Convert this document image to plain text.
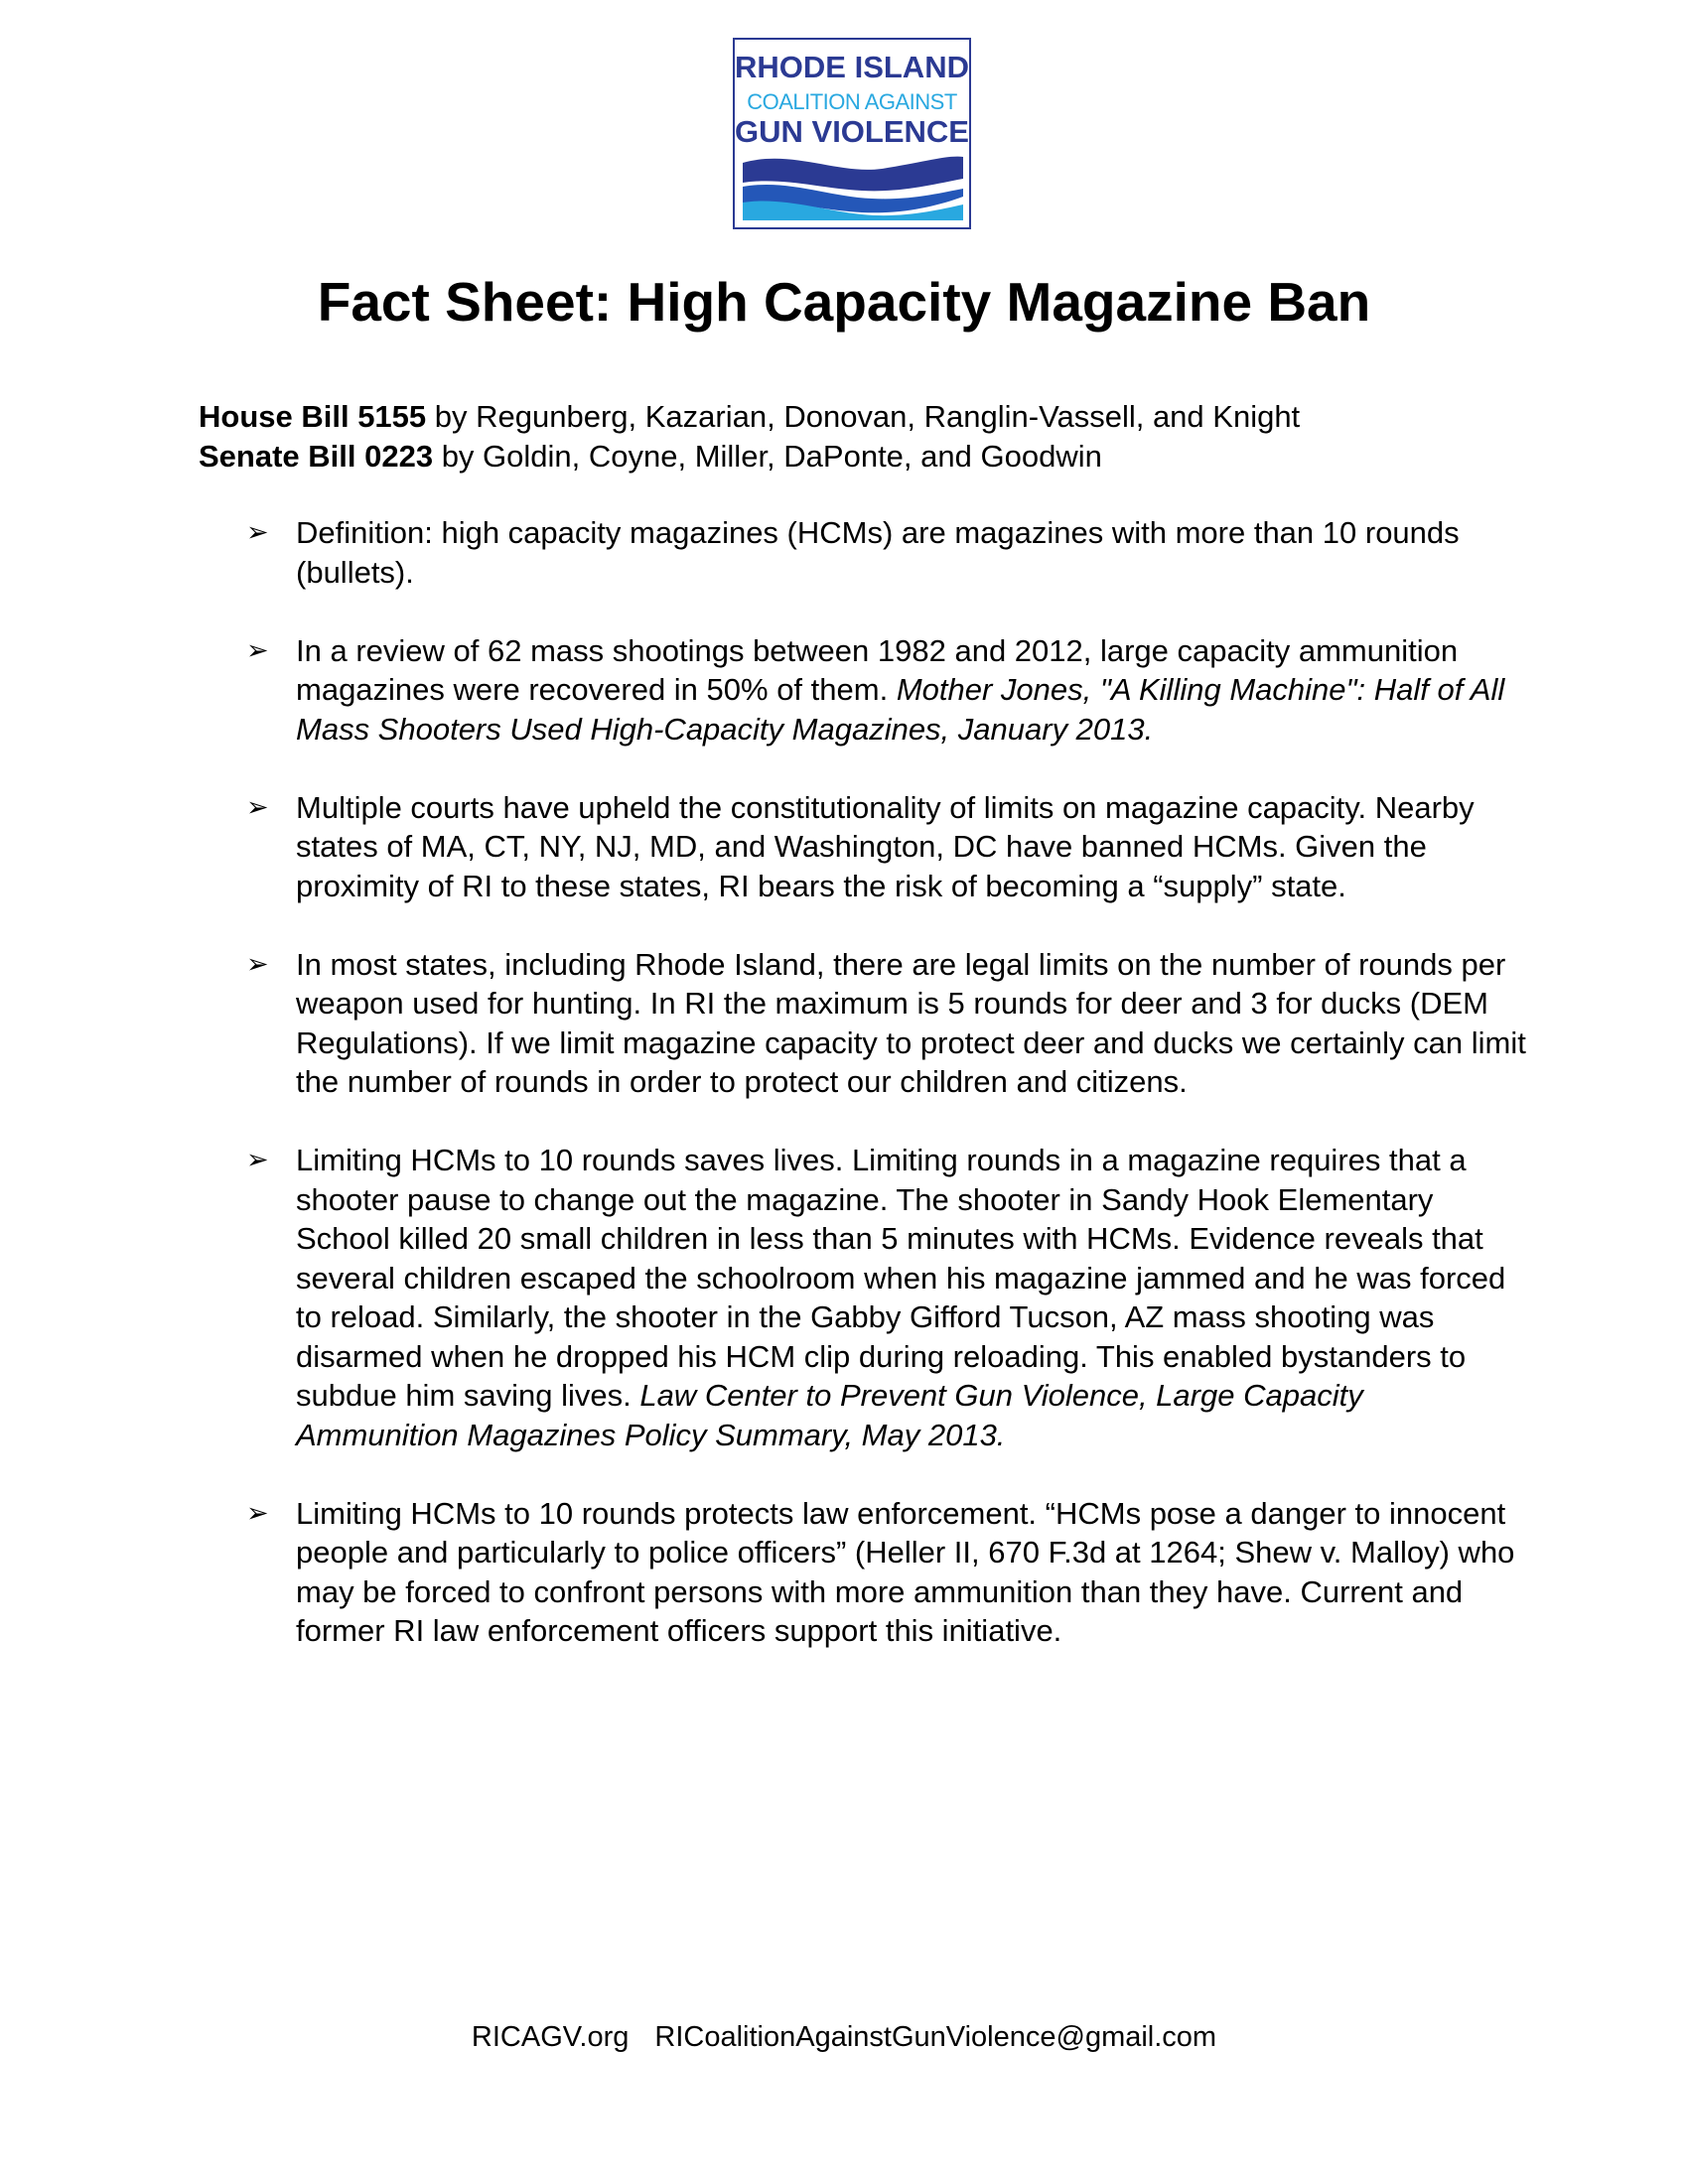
RHODE ISLAND
COALITION AGAINST
GUN VIOLENCE
Fact Sheet: High Capacity Magazine Ban
House Bill 5155 by Regunberg, Kazarian, Donovan, Ranglin-Vassell, and Knight
Senate Bill 0223 by Goldin, Coyne, Miller, DaPonte, and Goodwin
➢ Definition: high capacity magazines (HCMs) are magazines with more than 10 rounds (bullets).
➢ In a review of 62 mass shootings between 1982 and 2012, large capacity ammunition magazines were recovered in 50% of them. Mother Jones, "A Killing Machine": Half of All Mass Shooters Used High-Capacity Magazines, January 2013.
➢ Multiple courts have upheld the constitutionality of limits on magazine capacity. Nearby states of MA, CT, NY, NJ, MD, and Washington, DC have banned HCMs. Given the proximity of RI to these states, RI bears the risk of becoming a “supply” state.
➢ In most states, including Rhode Island, there are legal limits on the number of rounds per weapon used for hunting. In RI the maximum is 5 rounds for deer and 3 for ducks (DEM Regulations). If we limit magazine capacity to protect deer and ducks we certainly can limit the number of rounds in order to protect our children and citizens.
➢ Limiting HCMs to 10 rounds saves lives. Limiting rounds in a magazine requires that a shooter pause to change out the magazine. The shooter in Sandy Hook Elementary School killed 20 small children in less than 5 minutes with HCMs. Evidence reveals that several children escaped the schoolroom when his magazine jammed and he was forced to reload. Similarly, the shooter in the Gabby Gifford Tucson, AZ mass shooting was disarmed when he dropped his HCM clip during reloading. This enabled bystanders to subdue him saving lives. Law Center to Prevent Gun Violence, Large Capacity Ammunition Magazines Policy Summary, May 2013.
➢ Limiting HCMs to 10 rounds protects law enforcement. “HCMs pose a danger to innocent people and particularly to police officers” (Heller II, 670 F.3d at 1264; Shew v. Malloy) who may be forced to confront persons with more ammunition than they have. Current and former RI law enforcement officers support this initiative.
RICAGV.org RICoalitionAgainstGunViolence@gmail.com
